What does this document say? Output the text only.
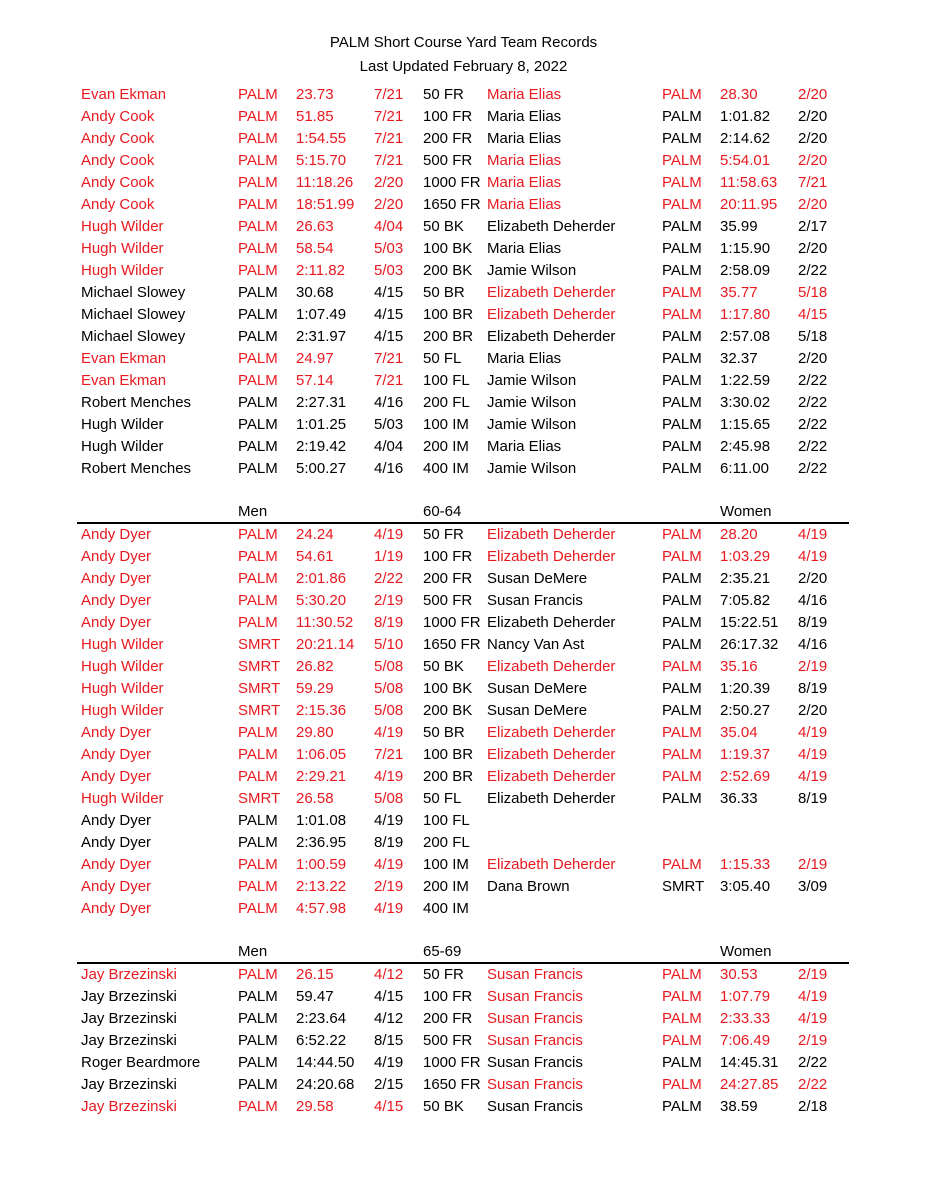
PALM Short Course Yard Team Records
Last Updated February 8, 2022
Evan Ekman	PALM 23.73	7/21 50 FR Maria Elias	PALM 28.30	2/20
Andy Cook	PALM 51.85	7/21 100 FR Maria Elias	PALM 1:01.82 2/20
Andy Cook	PALM 1:54.55 7/21 200 FR Maria Elias	PALM 2:14.62 2/20
Andy Cook	PALM 5:15.70 7/21 500 FR Maria Elias	PALM 5:54.01 2/20
Andy Cook	PALM 11:18.26 2/20 1000 FR Maria Elias	PALM 11:58.63 7/21
Andy Cook	PALM 18:51.99 2/20 1650 FR Maria Elias	PALM 20:11.95 2/20
Hugh Wilder	PALM 26.63	4/04 50 BK Elizabeth Deherder	PALM 35.99	2/17
Hugh Wilder	PALM 58.54	5/03 100 BK Maria Elias	PALM 1:15.90 2/20
Hugh Wilder	PALM 2:11.82 5/03 200 BK Jamie Wilson	PALM 2:58.09 2/22
Michael Slowey	PALM 30.68	4/15 50 BR Elizabeth Deherder	PALM 35.77	5/18
Michael Slowey	PALM 1:07.49 4/15 100 BR Elizabeth Deherder	PALM 1:17.80 4/15
Michael Slowey	PALM 2:31.97 4/15 200 BR Elizabeth Deherder	PALM 2:57.08 5/18
Evan Ekman	PALM 24.97	7/21 50 FL Maria Elias	PALM 32.37	2/20
Evan Ekman	PALM 57.14	7/21 100 FL Jamie Wilson	PALM 1:22.59 2/22
Robert Menches	PALM 2:27.31 4/16 200 FL Jamie Wilson	PALM 3:30.02 2/22
Hugh Wilder	PALM 1:01.25 5/03 100 IM Jamie Wilson	PALM 1:15.65 2/22
Hugh Wilder	PALM 2:19.42 4/04 200 IM Maria Elias	PALM 2:45.98 2/22
Robert Menches	PALM 5:00.27 4/16 400 IM Jamie Wilson	PALM 6:11.00 2/22
Men	60-64	Women
Andy Dyer	PALM 24.24	4/19 50 FR Elizabeth Deherder	PALM 28.20	4/19
Andy Dyer	PALM 54.61	1/19 100 FR Elizabeth Deherder	PALM 1:03.29 4/19
Andy Dyer	PALM 2:01.86 2/22 200 FR Susan DeMere	PALM 2:35.21 2/20
Andy Dyer	PALM 5:30.20 2/19 500 FR Susan Francis	PALM 7:05.82 4/16
Andy Dyer	PALM 11:30.52 8/19 1000 FR Elizabeth Deherder	PALM 15:22.51 8/19
Hugh Wilder	SMRT 20:21.14 5/10 1650 FR Nancy Van Ast	PALM 26:17.32 4/16
Hugh Wilder	SMRT 26.82	5/08 50 BK Elizabeth Deherder	PALM 35.16	2/19
Hugh Wilder	SMRT 59.29	5/08 100 BK Susan DeMere	PALM 1:20.39 8/19
Hugh Wilder	SMRT 2:15.36 5/08 200 BK Susan DeMere	PALM 2:50.27 2/20
Andy Dyer	PALM 29.80	4/19 50 BR Elizabeth Deherder	PALM 35.04	4/19
Andy Dyer	PALM 1:06.05 7/21 100 BR Elizabeth Deherder	PALM 1:19.37 4/19
Andy Dyer	PALM 2:29.21 4/19 200 BR Elizabeth Deherder	PALM 2:52.69 4/19
Hugh Wilder	SMRT 26.58	5/08 50 FL Elizabeth Deherder	PALM 36.33	8/19
Andy Dyer	PALM 1:01.08 4/19 100 FL
Andy Dyer	PALM 2:36.95 8/19 200 FL
Andy Dyer	PALM 1:00.59 4/19 100 IM Elizabeth Deherder	PALM 1:15.33 2/19
Andy Dyer	PALM 2:13.22 2/19 200 IM Dana Brown	SMRT 3:05.40 3/09
Andy Dyer	PALM 4:57.98 4/19 400 IM
Men	65-69	Women
Jay Brzezinski	PALM 26.15	4/12 50 FR Susan Francis	PALM 30.53	2/19
Jay Brzezinski	PALM 59.47	4/15 100 FR Susan Francis	PALM 1:07.79 4/19
Jay Brzezinski	PALM 2:23.64 4/12 200 FR Susan Francis	PALM 2:33.33 4/19
Jay Brzezinski	PALM 6:52.22 8/15 500 FR Susan Francis	PALM 7:06.49 2/19
Roger Beardmore	PALM 14:44.50 4/19 1000 FR Susan Francis	PALM 14:45.31 2/22
Jay Brzezinski	PALM 24:20.68 2/15 1650 FR Susan Francis	PALM 24:27.85 2/22
Jay Brzezinski	PALM 29.58	4/15 50 BK Susan Francis	PALM 38.59	2/18
